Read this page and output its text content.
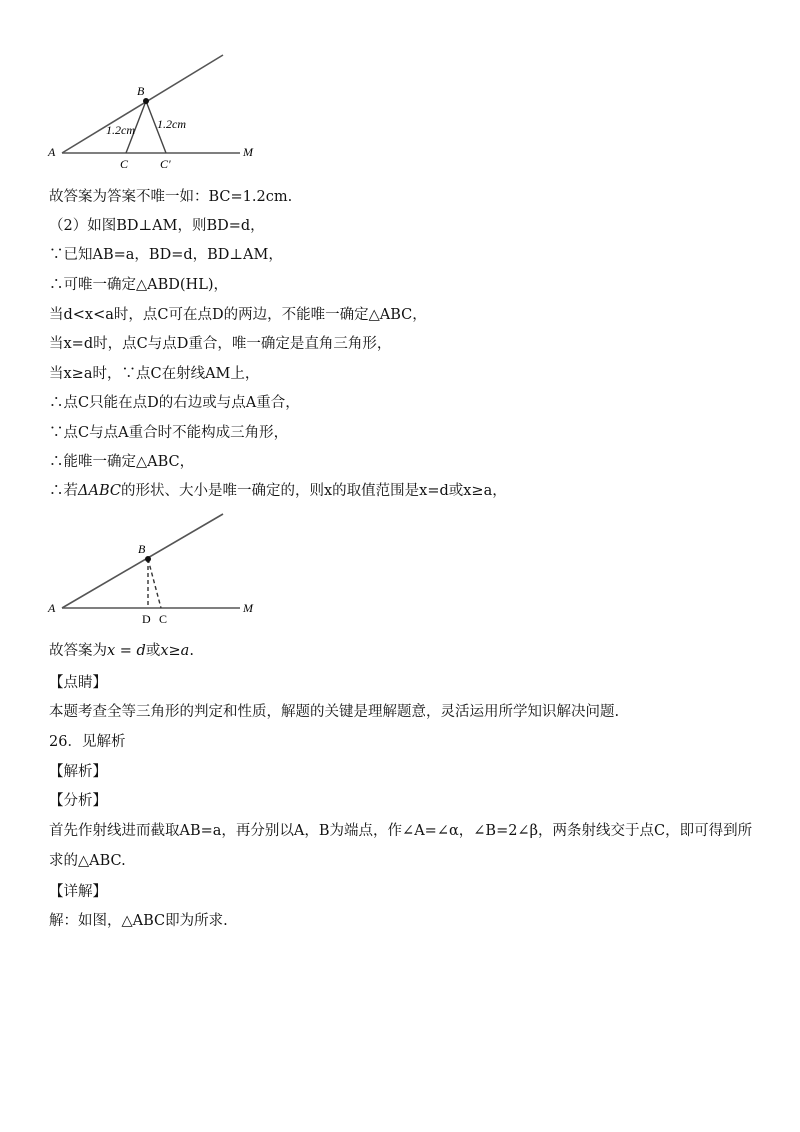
B
A	M
C	C'
1.2cm 1.2cm
故答案为答案不唯一如：BC=1.2cm.
（2）如图BD⊥AM，则BD=d，
∵已知AB=a，BD=d，BD⊥AM，
∴可唯一确定△ABD(HL)，
当d<x<a时，点C可在点D的两边，不能唯一确定△ABC，
当x=d时，点C与点D重合，唯一确定是直角三角形，
当x≥a时，∵点C在射线AM上，
∴点C只能在点D的右边或与点A重合，
∵点C与点A重合时不能构成三角形，
∴能唯一确定△ABC，
∴若ΔABC的形状、大小是唯一确定的，则x的取值范围是x=d或x≥a，
B
A	M
D C
故答案为x = d或x≥a.
【点睛】
本题考查全等三角形的判定和性质，解题的关键是理解题意，灵活运用所学知识解决问题.
26．见解析
【解析】
【分析】
首先作射线进而截取AB=a，再分别以A，B为端点，作∠A=∠α，∠B=2∠β，两条射线交于点C，即可得到所求的△ABC.
【详解】
解：如图，△ABC即为所求.
